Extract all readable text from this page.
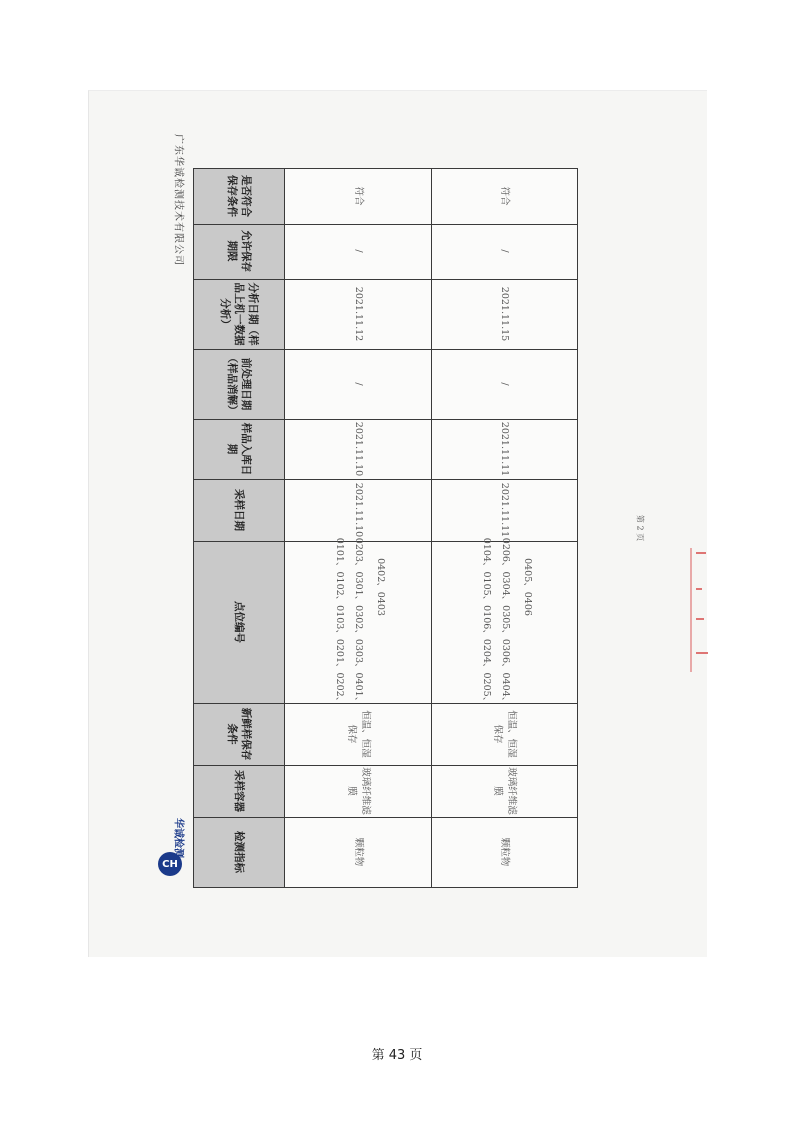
广东华诚检测技术有限公司
CH
华诚检测	检测指标
采样容器
新鲜样保存条件
点位编号
采样日期
样品入库日期
前处理日期（样品消解）
分析日期（样品上机一数据分析）
允许保存期限
是否符合保存条件
颗粒物
玻璃纤维滤膜
恒温、恒湿保存
0101、0102、0103、0201、0202、 0203、0301、0302、0303、0401、 0402、0403
2021.11.10
2021.11.10
/
2021.11.12
/
符合
颗粒物
玻璃纤维滤膜
恒温、恒湿保存
0104、0105、0106、0204、0205、 0206、0304、0305、0306、0404、 0405、0406
2021.11.11
2021.11.11
/
2021.11.15
/
符合
第 2 页
第 43 页
